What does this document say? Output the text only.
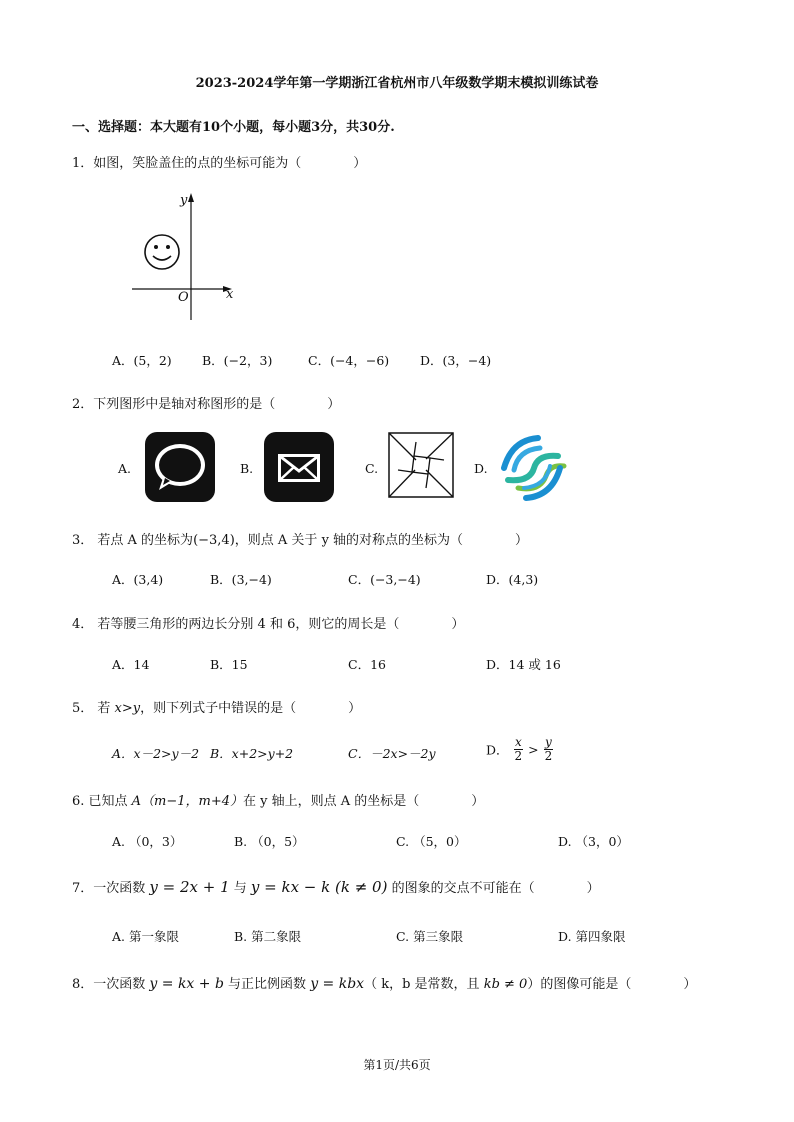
2023-2024学年第一学期浙江省杭州市八年级数学期末模拟训练试卷
一、选择题：本大题有10个小题，每小题3分，共30分.
1．如图，笑脸盖住的点的坐标可能为（　　　　）
y
x
O
A．(5，2) B．(−2，3)	C．(−4，−6) D．(3，−4)
2．下列图形中是轴对称图形的是（　　　　）
A.	B.	C.	D.
3． 若点 A 的坐标为(−3,4)，则点 A 关于 y 轴的对称点的坐标为（　　　　）
A．(3,4)	B．(3,−4)	C．(−3,−4)	D．(4,3)
4． 若等腰三角形的两边长分别 4 和 6，则它的周长是（　　　　）
A．14	B．15	C．16	D．14 或 16
5． 若 x>y，则下列式子中错误的是（　　　　）
A．x－2>y－2 B．x+2>y+2	C．－2x>－2y	D． $\frac{x}{2} > \frac{y}{2}$
6. 已知点 A（m−1，m+4）在 y 轴上，则点 A 的坐标是（　　　　）
A. （0，3）	B. （0，5）	C. （5，0）	D. （3，0）
7．一次函数 y = 2x + 1 与 y = kx − k (k ≠ 0) 的图象的交点不可能在（　　　　）
A. 第一象限	B. 第二象限	C. 第三象限	D. 第四象限
8．一次函数 y = kx + b 与正比例函数 y = kbx（ k，b 是常数，且 kb ≠ 0）的图像可能是（　　　　）
第1页/共6页
